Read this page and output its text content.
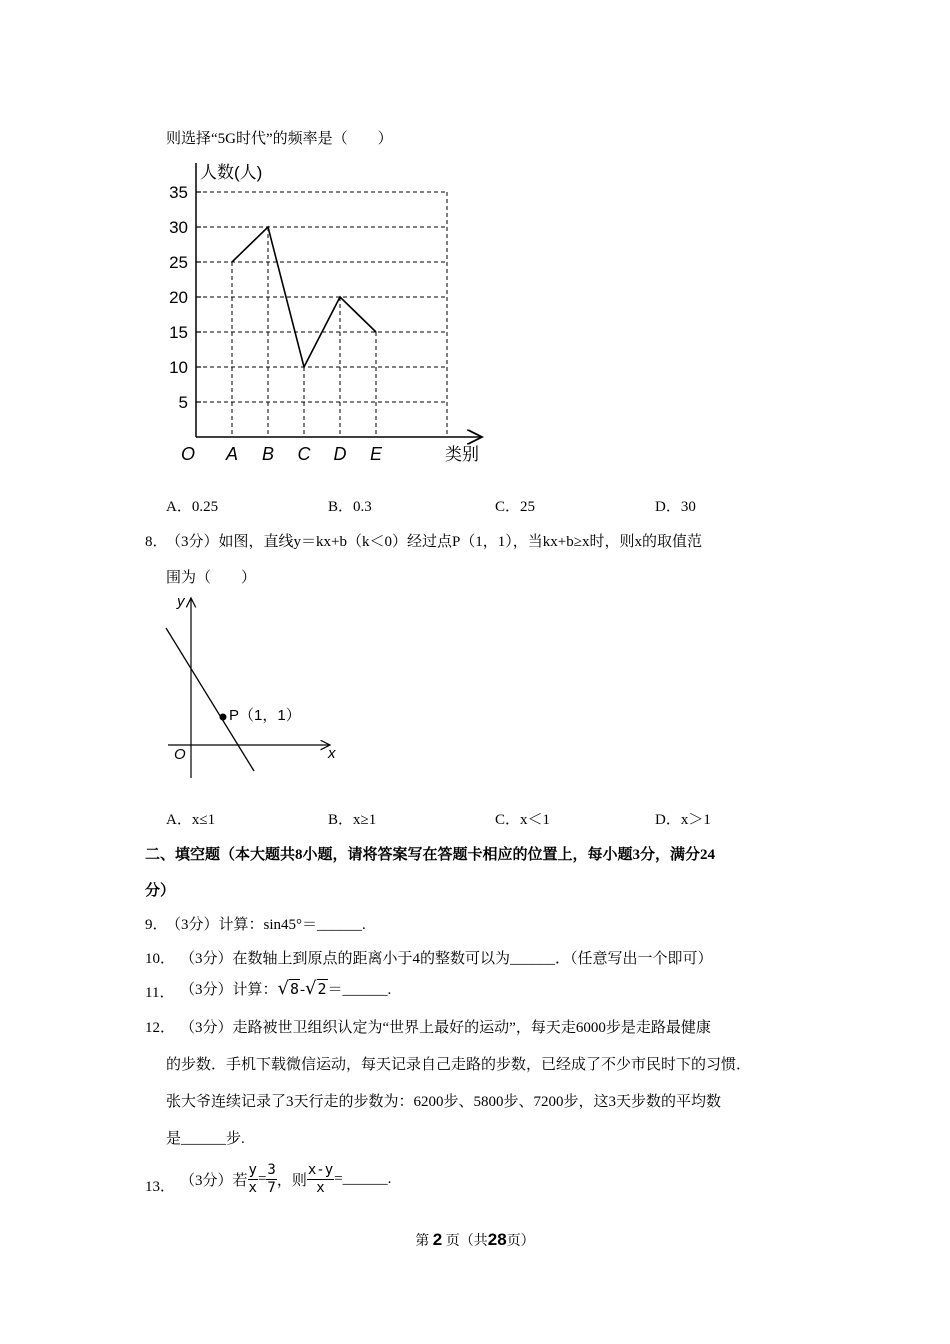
则选择“5G时代”的频率是（　　）
5
10
15
20
25
30
35
A B C D E
O	类别
人数(人)
A．0.25	B．0.3	C．25	D．30
8．
（3分）如图，直线y＝kx+b（k＜0）经过点P（1，1），当kx+b≥x时，则x的取值范
围为（　　）
y
x
O
P（1，1）
A．x≤1	B．x≥1	C．x＜1	D．x＞1
二、填空题（本大题共8小题，请将答案写在答题卡相应的位置上，每小题3分，满分24
分）
9．
（3分）计算：sin45°＝______.
10． （3分）在数轴上到原点的距离小于4的整数可以为______．（任意写出一个即可）
11． （3分）计算：√8-√2＝______.
12． （3分）走路被世卫组织认定为“世界上最好的运动”，每天走6000步是走路最健康
的步数．手机下载微信运动，每天记录自己走路的步数，已经成了不少市民时下的习惯．
张大爷连续记录了3天行走的步数为：6200步、5800步、7200步，这3天步数的平均数
是______步.
13． （3分）若 $\frac{y}{x} = \frac{3}{7}$ ，则 $\frac{x-y}{x}$ =______.
第 2 页（共28页）
